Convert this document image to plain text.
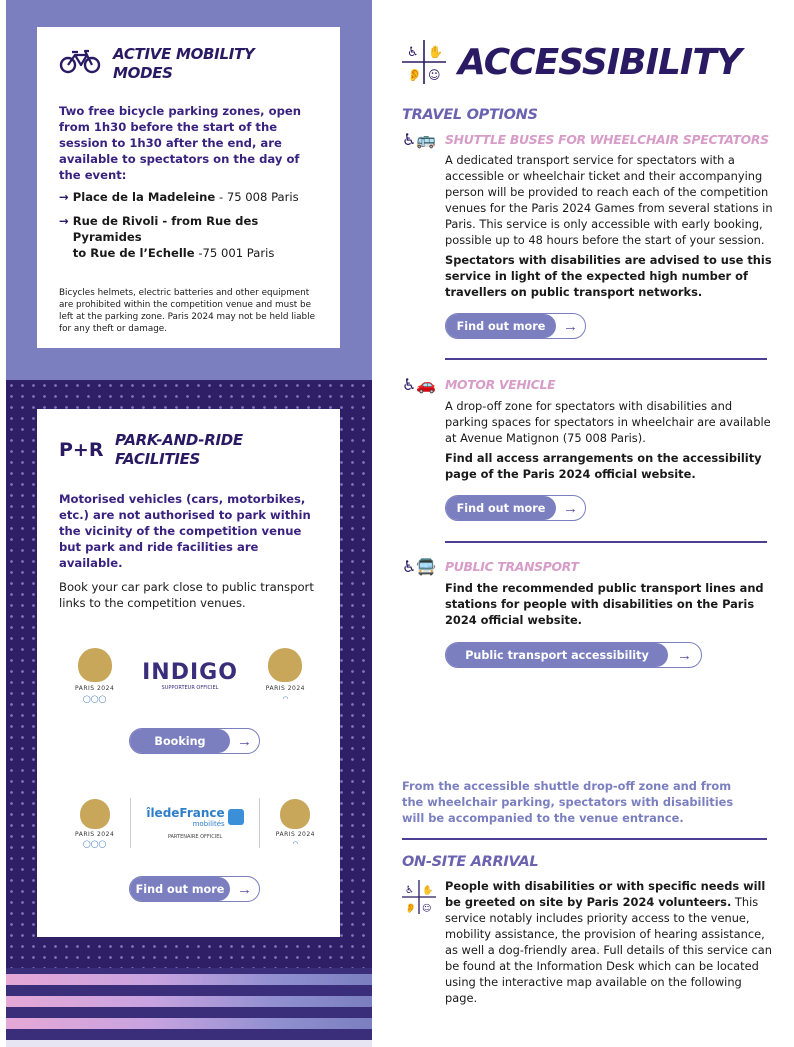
ACTIVE MOBILITY
MODES

Two free bicycle parking zones, open from 1h30 before the start of the session to 1h30 after the end, are available to spectators on the day of the event:

→ Place de la Madeleine - 75 008 Paris
→ Rue de Rivoli - from Rue des Pyramides
to Rue de l’Echelle -75 001 Paris

Bicycles helmets, electric batteries and other equipment are prohibited within the competition venue and must be left at the parking zone. Paris 2024 may not be held liable for any theft or damage.

P+R PARK-AND-RIDE
FACILITIES

Motorised vehicles (cars, motorbikes, etc.) are not authorised to park within the vicinity of the competition venue but park and ride facilities are available.

Book your car park close to public transport links to the competition venues.

PARIS 2024
◯◯◯
INDIGO
SUPPORTEUR OFFICIEL	PARIS 2024
◠
Booking	→
PARIS 2024
◯◯◯
îledeFrance
mobilités
PARTENAIRE OFFICIEL	PARIS 2024
◠
Find out more →
♿ ✋
👂 ☺ ACCESSIBILITY
TRAVEL OPTIONS
♿🚌 SHUTTLE BUSES FOR WHEELCHAIR SPECTATORS
A dedicated transport service for spectators with a accessible or wheelchair ticket and their accompanying person will be provided to reach each of the competition venues for the Paris 2024 Games from several stations in Paris. This service is only accessible with early booking, possible up to 48 hours before the start of your session.
Spectators with disabilities are advised to use this service in light of the expected high number of travellers on public transport networks.
Find out more	→
♿🚗 MOTOR VEHICLE
A drop-off zone for spectators with disabilities and parking spaces for spectators in wheelchair are available at Avenue Matignon (75 008 Paris).
Find all access arrangements on the accessibility page of the Paris 2024 official website.
Find out more	→
♿🚍 PUBLIC TRANSPORT
Find the recommended public transport lines and stations for people with disabilities on the Paris 2024 official website.
Public transport accessibility	→
From the accessible shuttle drop-off zone and from the wheelchair parking, spectators with disabilities will be accompanied to the venue entrance.
ON-SITE ARRIVAL
♿ ✋
👂 ☺
People with disabilities or with specific needs will be greeted on site by Paris 2024 volunteers. This service notably includes priority access to the venue, mobility assistance, the provision of hearing assistance, as well a dog-friendly area. Full details of this service can be found at the Information Desk which can be located using the interactive map available on the following page.
